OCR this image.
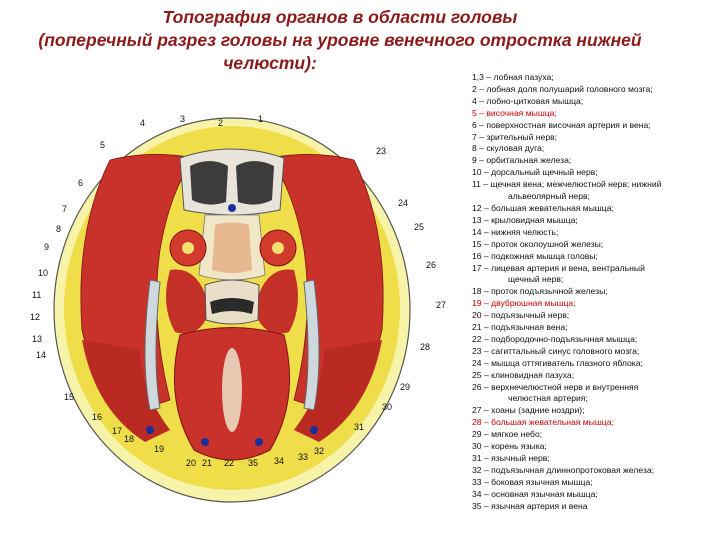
Топография органов в области головы
(поперечный разрез головы на уровне венечного отростка нижней
челюсти):
1
2
3
4
5
6
7
8
9
10
11
12
13
14
15
16
17
18
19
20 21 22
23
24
25
26
27
28
29
30
31
32
33
34
35
1,3 – лобная пазуха;
2 – лобная доля полушарий головного мозга;
4 – лобно-цитковая мышца;
5 – височная мышца;
6 – поверхностная височная артерия и вена;
7 – зрительный нерв;
8 – скуловая дуга;
9 – орбитальная железа;
10 – дорсальный щечный нерв;
11 – щечная вена; межчелюстной нерв; нижний
альвеолярный нерв;
12 – большая жевательная мышца;
13 – крыловидная мышца;
14 – нижняя челюсть;
15 – проток околоушной железы;
16 – подкожная мышца головы;
17 – лицевая артерия и вена, вентральный
щечный нерв;
18 – проток подъязычной железы;
19 – двубрюшная мышца;
20 – подъязычный нерв;
21 – подъязычная вена;
22 – подбородочно-подъязычная мышца;
23 – сагиттальный синус головного мозга;
24 – мышца оттягиватель глазного яблока;
25 – клиновидная пазуха;
26 – верхнечелюстной нерв и внутренняя
челюстная артерия;
27 – хоаны (задние ноздри);
28 – большая жевательная мышца;
29 – мягкое небо;
30 – корень языка;
31 – язычный нерв;
32 – подъязычная длиннопротоковая железа;
33 – боковая язычная мышца;
34 – основная язычная мышца;
35 – язычная артерия и вена
